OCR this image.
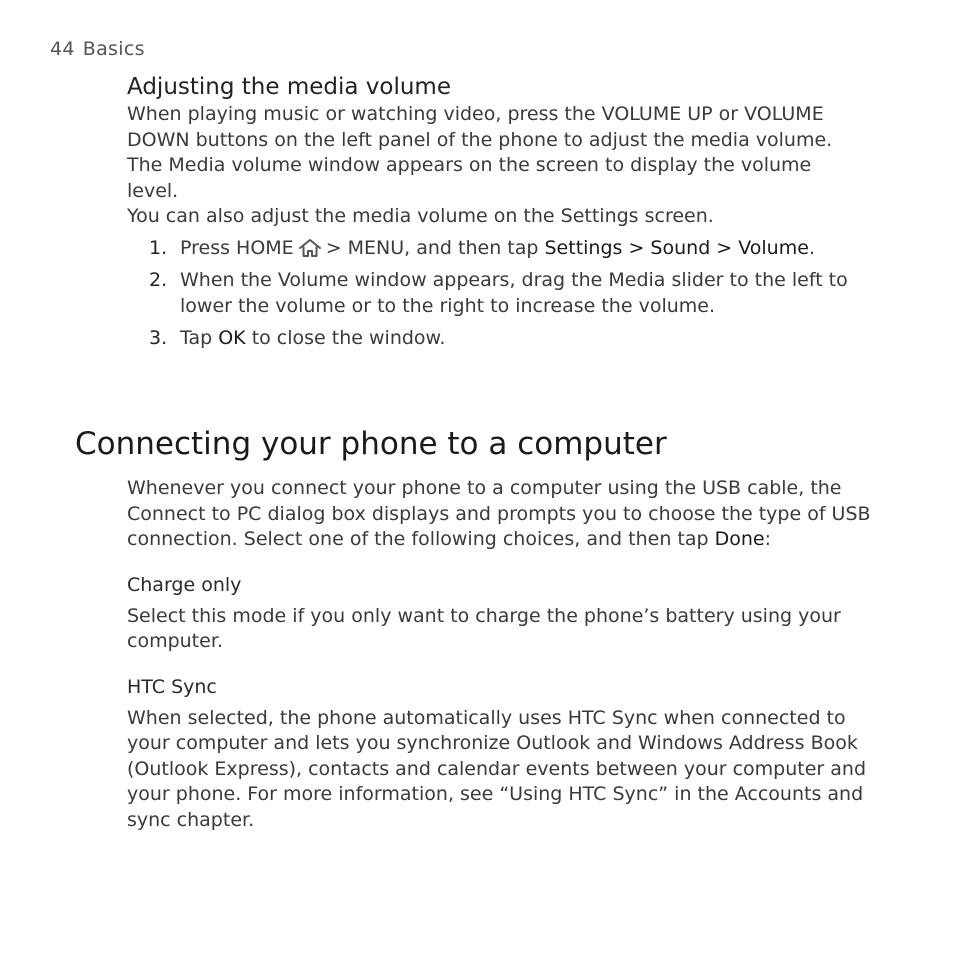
44 Basics
Adjusting the media volume

When playing music or watching video, press the VOLUME UP or VOLUME DOWN buttons on the left panel of the phone to adjust the media volume. The Media volume window appears on the screen to display the volume level.

You can also adjust the media volume on the Settings screen.

1. Press HOME > MENU, and then tap Settings > Sound > Volume.
2. When the Volume window appears, drag the Media slider to the left to lower the volume or to the right to increase the volume.
3. Tap OK to close the window.
Connecting your phone to a computer

Whenever you connect your phone to a computer using the USB cable, the Connect to PC dialog box displays and prompts you to choose the type of USB connection. Select one of the following choices, and then tap Done:

Charge only

Select this mode if you only want to charge the phone’s battery using your computer.

HTC Sync

When selected, the phone automatically uses HTC Sync when connected to your computer and lets you synchronize Outlook and Windows Address Book (Outlook Express), contacts and calendar events between your computer and your phone. For more information, see “Using HTC Sync” in the Accounts and sync chapter.
